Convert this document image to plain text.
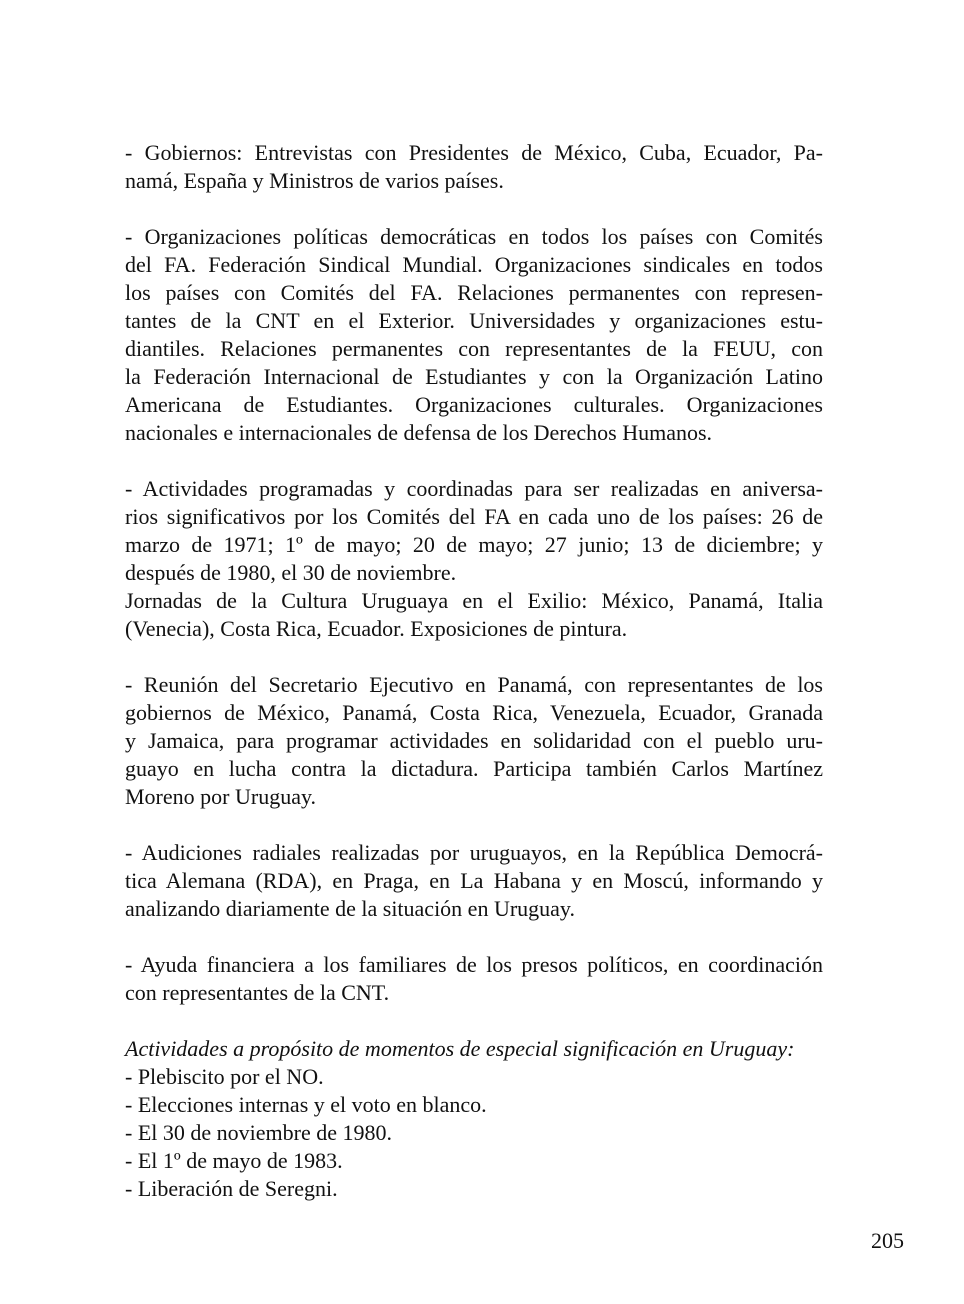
- Gobiernos: Entrevistas con Presidentes de México, Cuba, Ecuador, Pa-
namá, España y Ministros de varios países.

- Organizaciones políticas democráticas en todos los países con Comités
del FA. Federación Sindical Mundial. Organizaciones sindicales en todos
los países con Comités del FA. Relaciones permanentes con represen-
tantes de la CNT en el Exterior. Universidades y organizaciones estu-
diantiles. Relaciones permanentes con representantes de la FEUU, con
la Federación Internacional de Estudiantes y con la Organización Latino
Americana de Estudiantes. Organizaciones culturales. Organizaciones
nacionales e internacionales de defensa de los Derechos Humanos.

- Actividades programadas y coordinadas para ser realizadas en aniversa-
rios significativos por los Comités del FA en cada uno de los países: 26 de
marzo de 1971; 1º de mayo; 20 de mayo; 27 junio; 13 de diciembre; y
después de 1980, el 30 de noviembre.
Jornadas de la Cultura Uruguaya en el Exilio: México, Panamá, Italia
(Venecia), Costa Rica, Ecuador. Exposiciones de pintura.

- Reunión del Secretario Ejecutivo en Panamá, con representantes de los
gobiernos de México, Panamá, Costa Rica, Venezuela, Ecuador, Granada
y Jamaica, para programar actividades en solidaridad con el pueblo uru-
guayo en lucha contra la dictadura. Participa también Carlos Martínez
Moreno por Uruguay.

- Audiciones radiales realizadas por uruguayos, en la República Democrá-
tica Alemana (RDA), en Praga, en La Habana y en Moscú, informando y
analizando diariamente de la situación en Uruguay.

- Ayuda financiera a los familiares de los presos políticos, en coordinación
con representantes de la CNT.

Actividades a propósito de momentos de especial significación en Uruguay:

- Plebiscito por el NO.
- Elecciones internas y el voto en blanco.
- El 30 de noviembre de 1980.
- El 1º de mayo de 1983.
- Liberación de Seregni.
205
